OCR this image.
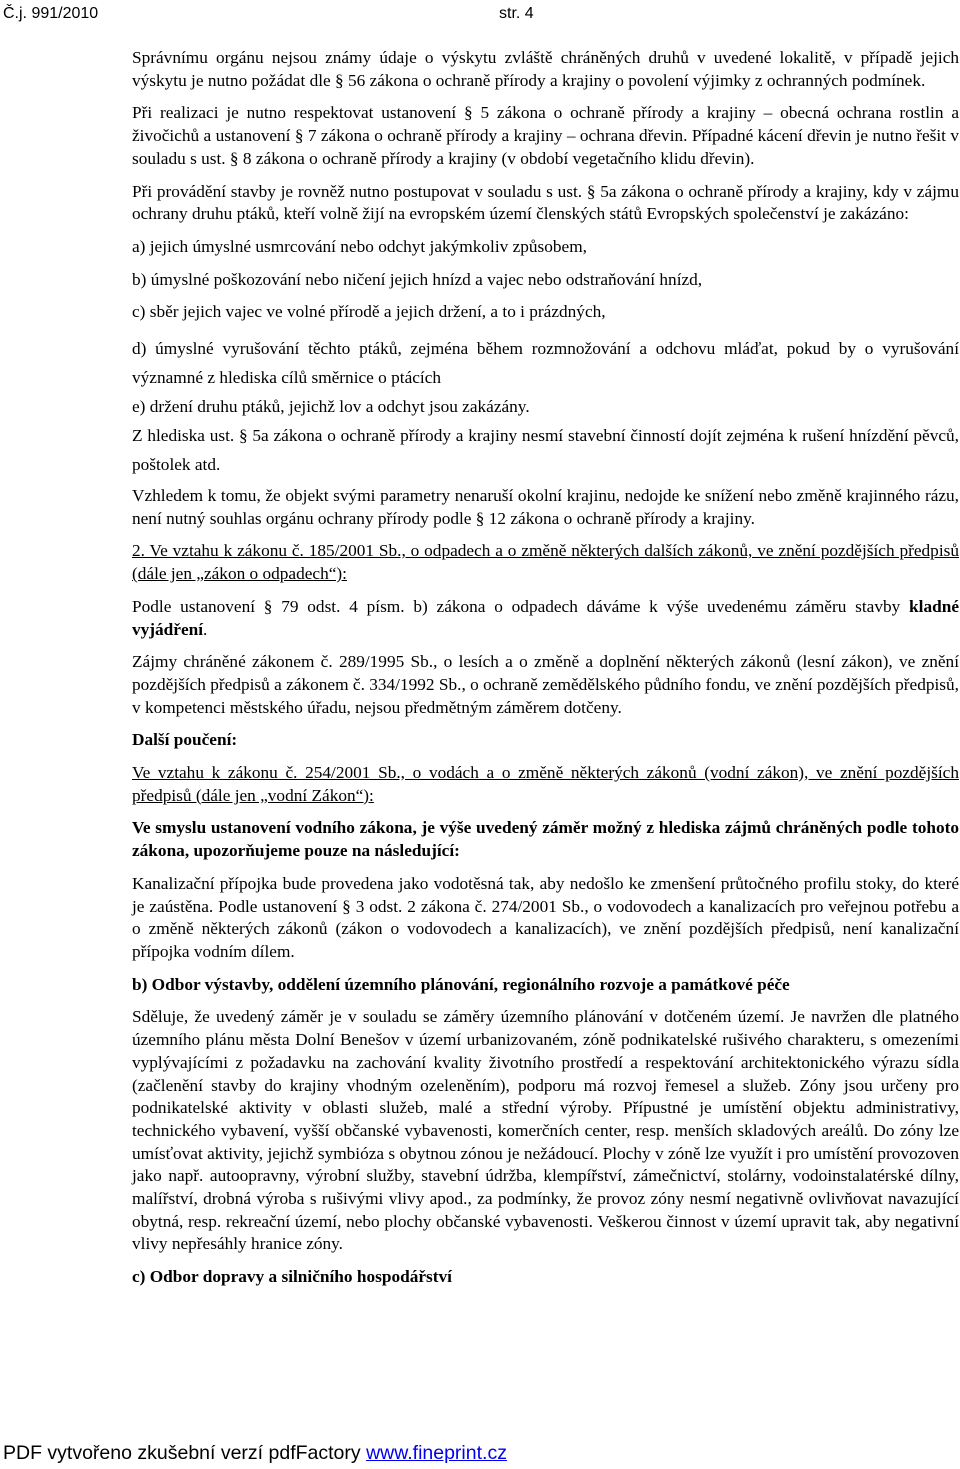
Č.j. 991/2010	str. 4

Správnímu orgánu nejsou známy údaje o výskytu zvláště chráněných druhů v uvedené lokalitě, v případě jejich výskytu je nutno požádat dle § 56 zákona o ochraně přírody a krajiny o povolení výjimky z ochranných podmínek.

Při realizaci je nutno respektovat ustanovení § 5 zákona o ochraně přírody a krajiny – obecná ochrana rostlin a živočichů a ustanovení § 7 zákona o ochraně přírody a krajiny – ochrana dřevin. Případné kácení dřevin je nutno řešit v souladu s ust. § 8 zákona o ochraně přírody a krajiny (v období vegetačního klidu dřevin).

Při provádění stavby je rovněž nutno postupovat v souladu s ust. § 5a zákona o ochraně přírody a krajiny, kdy v zájmu ochrany druhu ptáků, kteří volně žijí na evropském území členských států Evropských společenství je zakázáno:

a) jejich úmyslné usmrcování nebo odchyt jakýmkoliv způsobem,

b) úmyslné poškozování nebo ničení jejich hnízd a vajec nebo odstraňování hnízd,

c) sběr jejich vajec ve volné přírodě a jejich držení, a to i prázdných,

d) úmyslné vyrušování těchto ptáků, zejména během rozmnožování a odchovu mláďat, pokud by o vyrušování významné z hlediska cílů směrnice o ptácích

e) držení druhu ptáků, jejichž lov a odchyt jsou zakázány.

Z hlediska ust. § 5a zákona o ochraně přírody a krajiny nesmí stavební činností dojít zejména k rušení hnízdění pěvců, poštolek atd.

Vzhledem k tomu, že objekt svými parametry nenaruší okolní krajinu, nedojde ke snížení nebo změně krajinného rázu, není nutný souhlas orgánu ochrany přírody podle § 12 zákona o ochraně přírody a krajiny.

2. Ve vztahu k zákonu č. 185/2001 Sb., o odpadech a o změně některých dalších zákonů, ve znění pozdějších předpisů (dále jen „zákon o odpadech“):

Podle ustanovení § 79 odst. 4 písm. b) zákona o odpadech dáváme k výše uvedenému záměru stavby kladné vyjádření.

Zájmy chráněné zákonem č. 289/1995 Sb., o lesích a o změně a doplnění některých zákonů (lesní zákon), ve znění pozdějších předpisů a zákonem č. 334/1992 Sb., o ochraně zemědělského půdního fondu, ve znění pozdějších předpisů, v kompetenci městského úřadu, nejsou předmětným záměrem dotčeny.

Další poučení:

Ve vztahu k zákonu č. 254/2001 Sb., o vodách a o změně některých zákonů (vodní zákon), ve znění pozdějších předpisů (dále jen „vodní Zákon“):

Ve smyslu ustanovení vodního zákona, je výše uvedený záměr možný z hlediska zájmů chráněných podle tohoto zákona, upozorňujeme pouze na následující:

Kanalizační přípojka bude provedena jako vodotěsná tak, aby nedošlo ke zmenšení průtočného profilu stoky, do které je zaústěna. Podle ustanovení § 3 odst. 2 zákona č. 274/2001 Sb., o vodovodech a kanalizacích pro veřejnou potřebu a o změně některých zákonů (zákon o vodovodech a kanalizacích), ve znění pozdějších předpisů, není kanalizační přípojka vodním dílem.

b) Odbor výstavby, oddělení územního plánování, regionálního rozvoje a památkové péče

Sděluje, že uvedený záměr je v souladu se záměry územního plánování v dotčeném území. Je navržen dle platného územního plánu města Dolní Benešov v území urbanizovaném, zóně podnikatelské rušivého charakteru, s omezeními vyplývajícími z požadavku na zachování kvality životního prostředí a respektování architektonického výrazu sídla (začlenění stavby do krajiny vhodným ozeleněním), podporu má rozvoj řemesel a služeb. Zóny jsou určeny pro podnikatelské aktivity v oblasti služeb, malé a střední výroby. Přípustné je umístění objektu administrativy, technického vybavení, vyšší občanské vybavenosti, komerčních center, resp. menších skladových areálů. Do zóny lze umísťovat aktivity, jejichž symbióza s obytnou zónou je nežádoucí. Plochy v zóně lze využít i pro umístění provozoven jako např. autoopravny, výrobní služby, stavební údržba, klempířství, zámečnictví, stolárny, vodoinstalatérské dílny, malířství, drobná výroba s rušivými vlivy apod., za podmínky, že provoz zóny nesmí negativně ovlivňovat navazující obytná, resp. rekreační území, nebo plochy občanské vybavenosti. Veškerou činnost v území upravit tak, aby negativní vlivy nepřesáhly hranice zóny.

c) Odbor dopravy a silničního hospodářství

PDF vytvořeno zkušební verzí pdfFactory www.fineprint.cz
